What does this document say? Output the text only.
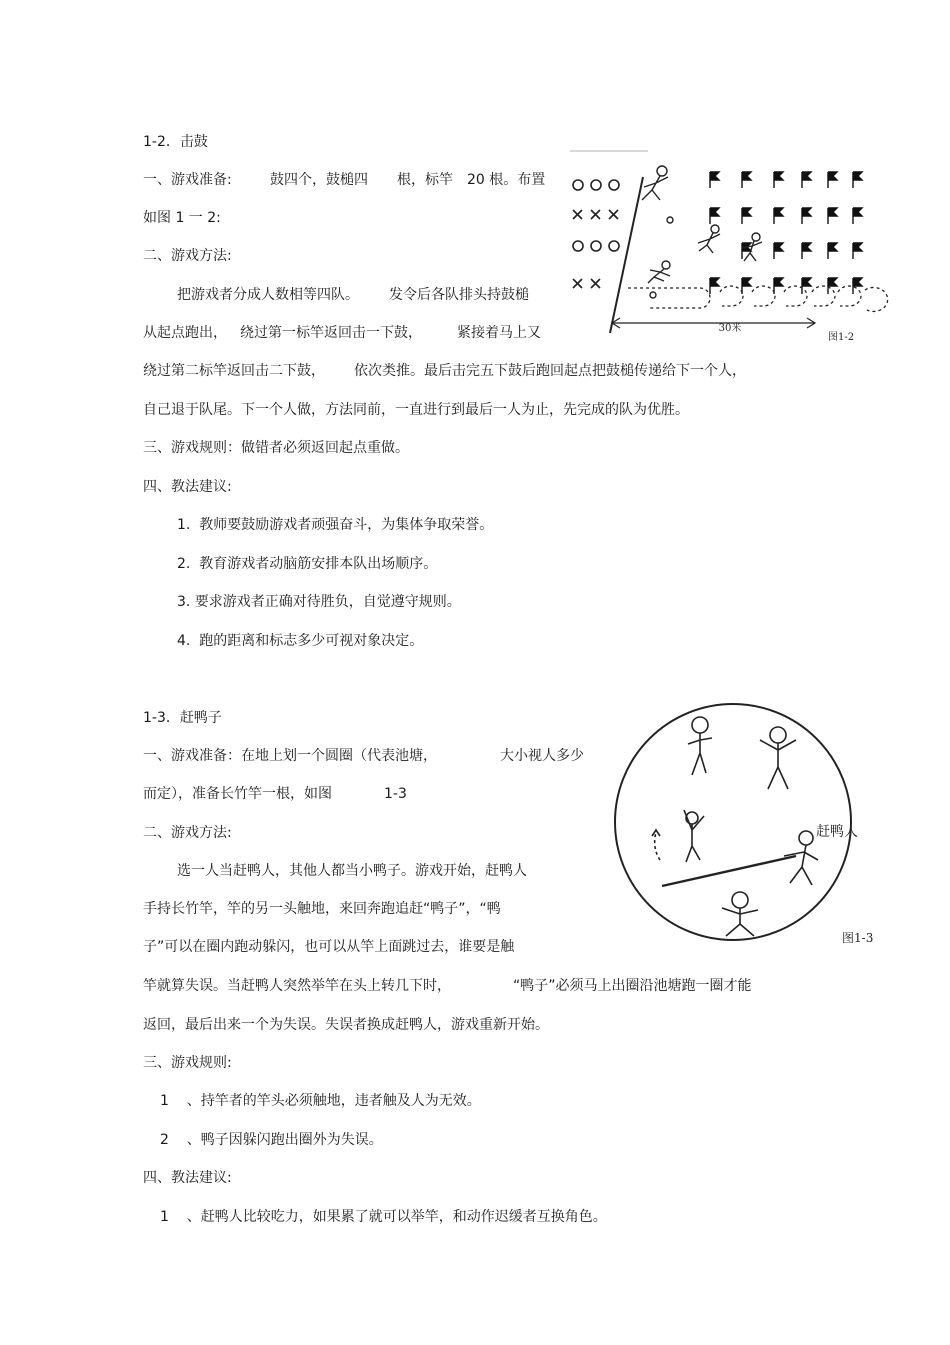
1-2．击鼓
一、游戏准备:	鼓四个，鼓槌四 根，标竿 20 根。布置
如图 1 一 2:
二、游戏方法:
把游戏者分成人数相等四队。 发令后各队排头持鼓槌
从起点跑出， 绕过第一标竿返回击一下鼓，	紧接着马上又
绕过第二标竿返回击二下鼓， 依次类推。最后击完五下鼓后跑回起点把鼓槌传递给下一个人，
自己退于队尾。下一个人做，方法同前，一直进行到最后一人为止，先完成的队为优胜。
三、游戏规则：做错者必须返回起点重做。
四、教法建议:
1.  教师要鼓励游戏者顽强奋斗，为集体争取荣誉。
2.  教育游戏者动脑筋安排本队出场顺序。
3. 要求游戏者正确对待胜负，自觉遵守规则。
4.  跑的距离和标志多少可视对象决定。
30米
图1-2
1-3．赶鸭子
一、游戏准备：在地上划一个圆圈（代表池塘，	大小视人多少
而定），准备长竹竿一根，如图	1-3
二、游戏方法:
选一人当赶鸭人，其他人都当小鸭子。游戏开始，赶鸭人
手持长竹竿，竿的另一头触地，来回奔跑追赶“鸭子”，“鸭
子”可以在圈内跑动躲闪，也可以从竿上面跳过去，谁要是触
竿就算失误。当赶鸭人突然举竿在头上转几下时，	“鸭子”必须马上出圈沿池塘跑一圈才能
返回，最后出来一个为失误。失误者换成赶鸭人，游戏重新开始。
三、游戏规则:
1    、持竿者的竿头必须触地，违者触及人为无效。
2    、鸭子因躲闪跑出圈外为失误。
四、教法建议:
1    、赶鸭人比较吃力，如果累了就可以举竿，和动作迟缓者互换角色。
赶鸭人
图1-3
